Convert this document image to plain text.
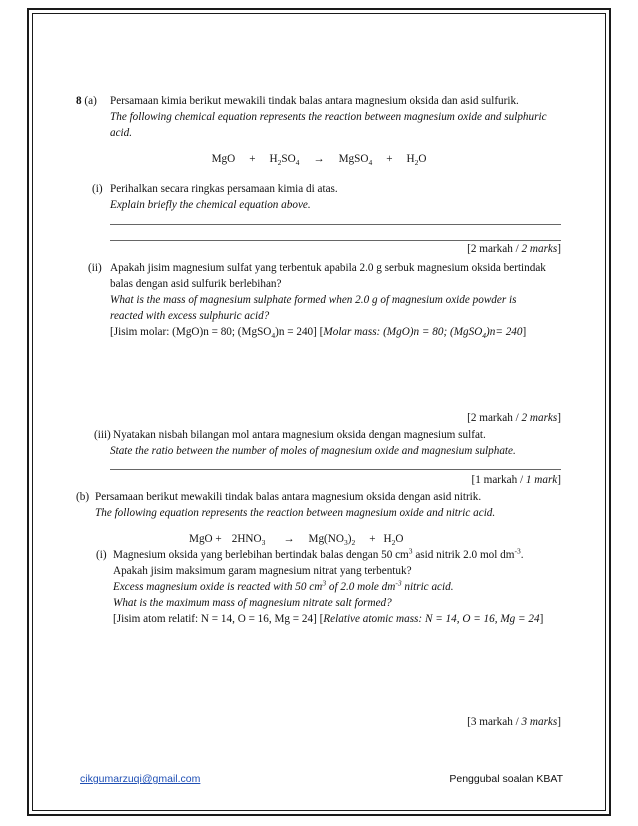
8 (a) Persamaan kimia berikut mewakili tindak balas antara magnesium oksida dan asid sulfurik.
The following chemical equation represents the reaction between magnesium oxide and sulphuric
acid.
MgO + $H_2SO_4$ → MgSO$_4$ + $H_2O$
(i) Perihalkan secara ringkas persamaan kimia di atas.
Explain briefly the chemical equation above.
[2 markah / 2 marks]
(ii) Apakah jisim magnesium sulfat yang terbentuk apabila 2.0 g serbuk magnesium oksida bertindak
balas dengan asid sulfurik berlebihan?
What is the mass of magnesium sulphate formed when 2.0 g of magnesium oxide powder is
reacted with excess sulphuric acid?
[Jisim molar: (MgO)n = 80; (MgSO$_4$)n = 240] [Molar mass: (MgO)n = 80; (MgSO$_4$)n= 240]
[2 markah / 2 marks]
(iii) Nyatakan nisbah bilangan mol antara magnesium oksida dengan magnesium sulfat.
State the ratio between the number of moles of magnesium oxide and magnesium sulphate.
[1 markah / 1 mark]
(b) Persamaan berikut mewakili tindak balas antara magnesium oksida dengan asid nitrik.
The following equation represents the reaction between magnesium oxide and nitric acid.
MgO + $2HNO_3 \to Mg(NO_3)_2 + H_2O$
(i) Magnesium oksida yang berlebihan bertindak balas dengan 50 $cm^3$ asid nitrik 2.0 mol $dm^{-3}$.
Apakah jisim maksimum garam magnesium nitrat yang terbentuk?
Excess magnesium oxide is reacted with 50 $cm^3$ of 2.0 mole $dm^{-3}$ nitric acid.
What is the maximum mass of magnesium nitrate salt formed?
[Jisim atom relatif: N = 14, O = 16, Mg = 24] [Relative atomic mass: N = 14, O = 16, Mg = 24]
[3 markah / 3 marks]
cikgumarzuqi@gmail.com	Penggubal soalan KBAT
